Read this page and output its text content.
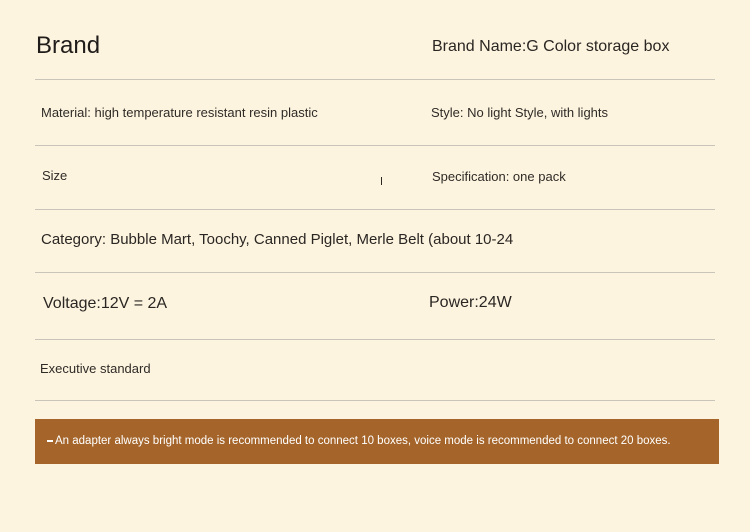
Brand	Brand Name:G Color storage box
Material: high temperature resistant resin plastic	Style: No light Style, with lights
Size	Specification: one pack
Category: Bubble Mart, Toochy, Canned Piglet, Merle Belt (about 10-24
Voltage:12V = 2A	Power:24W
Executive standard
An adapter always bright mode is recommended to connect 10 boxes, voice mode is recommended to connect 20 boxes.
